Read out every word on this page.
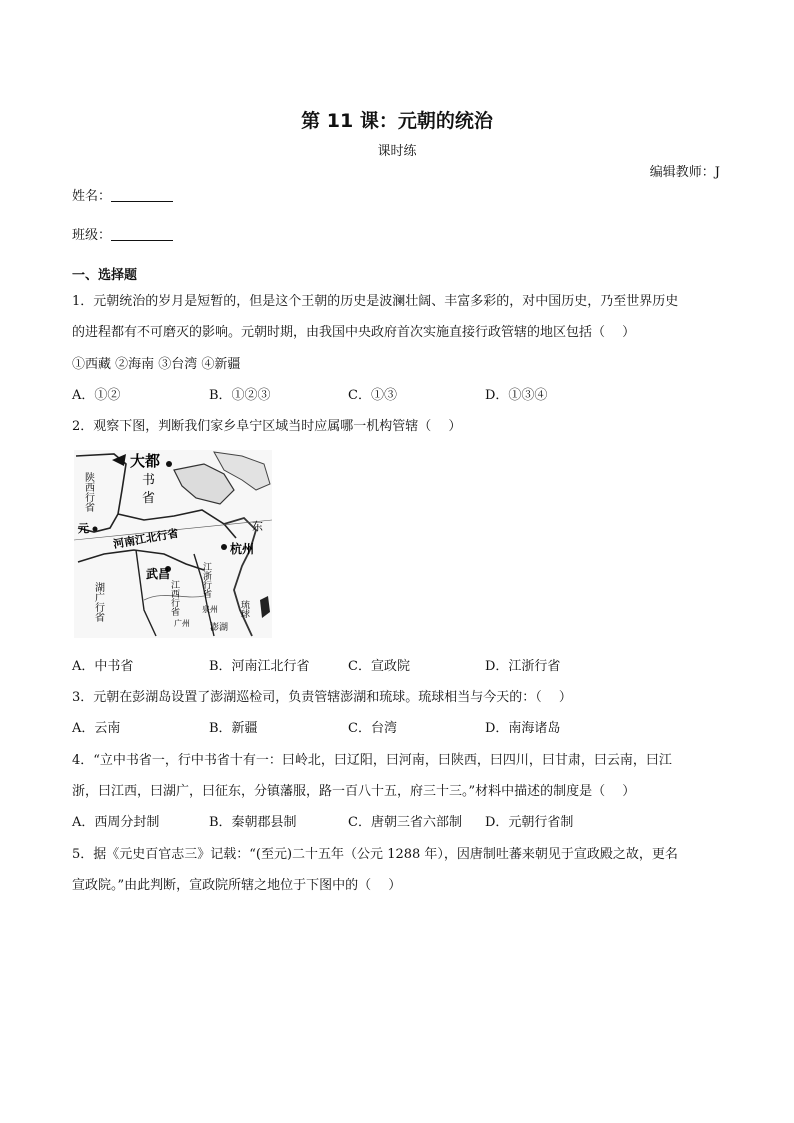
第 11 课：元朝的统治
课时练
编辑教师：J
姓名：
班级：
一、选择题
1．元朝统治的岁月是短暂的，但是这个王朝的历史是波澜壮阔、丰富多彩的，对中国历史，乃至世界历史
的进程都有不可磨灭的影响。元朝时期，由我国中央政府首次实施直接行政管辖的地区包括（　 ）
①西藏 ②海南 ③台湾 ④新疆
A．①②	B．①②③	C．①③	D．①③④
2．观察下图，判断我们家乡阜宁区域当时应属哪一机构管辖（　 ）
大都
书
省
陕西行省
元 河南江北行省	杭州
武昌	江浙行省
江西行省	泉州
广州 澎湖
琉球
东
湖广行省
A．中书省	B．河南江北行省	C．宣政院	D．江浙行省
3．元朝在彭湖岛设置了澎湖巡检司，负责管辖澎湖和琉球。琉球相当与今天的：（　 ）
A．云南	B．新疆	C．台湾	D．南海诸岛
4．“立中书省一，行中书省十有一：曰岭北，曰辽阳，曰河南，曰陕西，曰四川，曰甘肃，曰云南，曰江
浙，曰江西，曰湖广，曰征东，分镇藩服，路一百八十五，府三十三。”材料中描述的制度是（　 ）
A．西周分封制	B．秦朝郡县制	C．唐朝三省六部制 D．元朝行省制
5．据《元史百官志三》记载：“(至元)二十五年（公元 1288 年），因唐制吐蕃来朝见于宣政殿之故，更名
宣政院。”由此判断，宣政院所辖之地位于下图中的（　 ）
